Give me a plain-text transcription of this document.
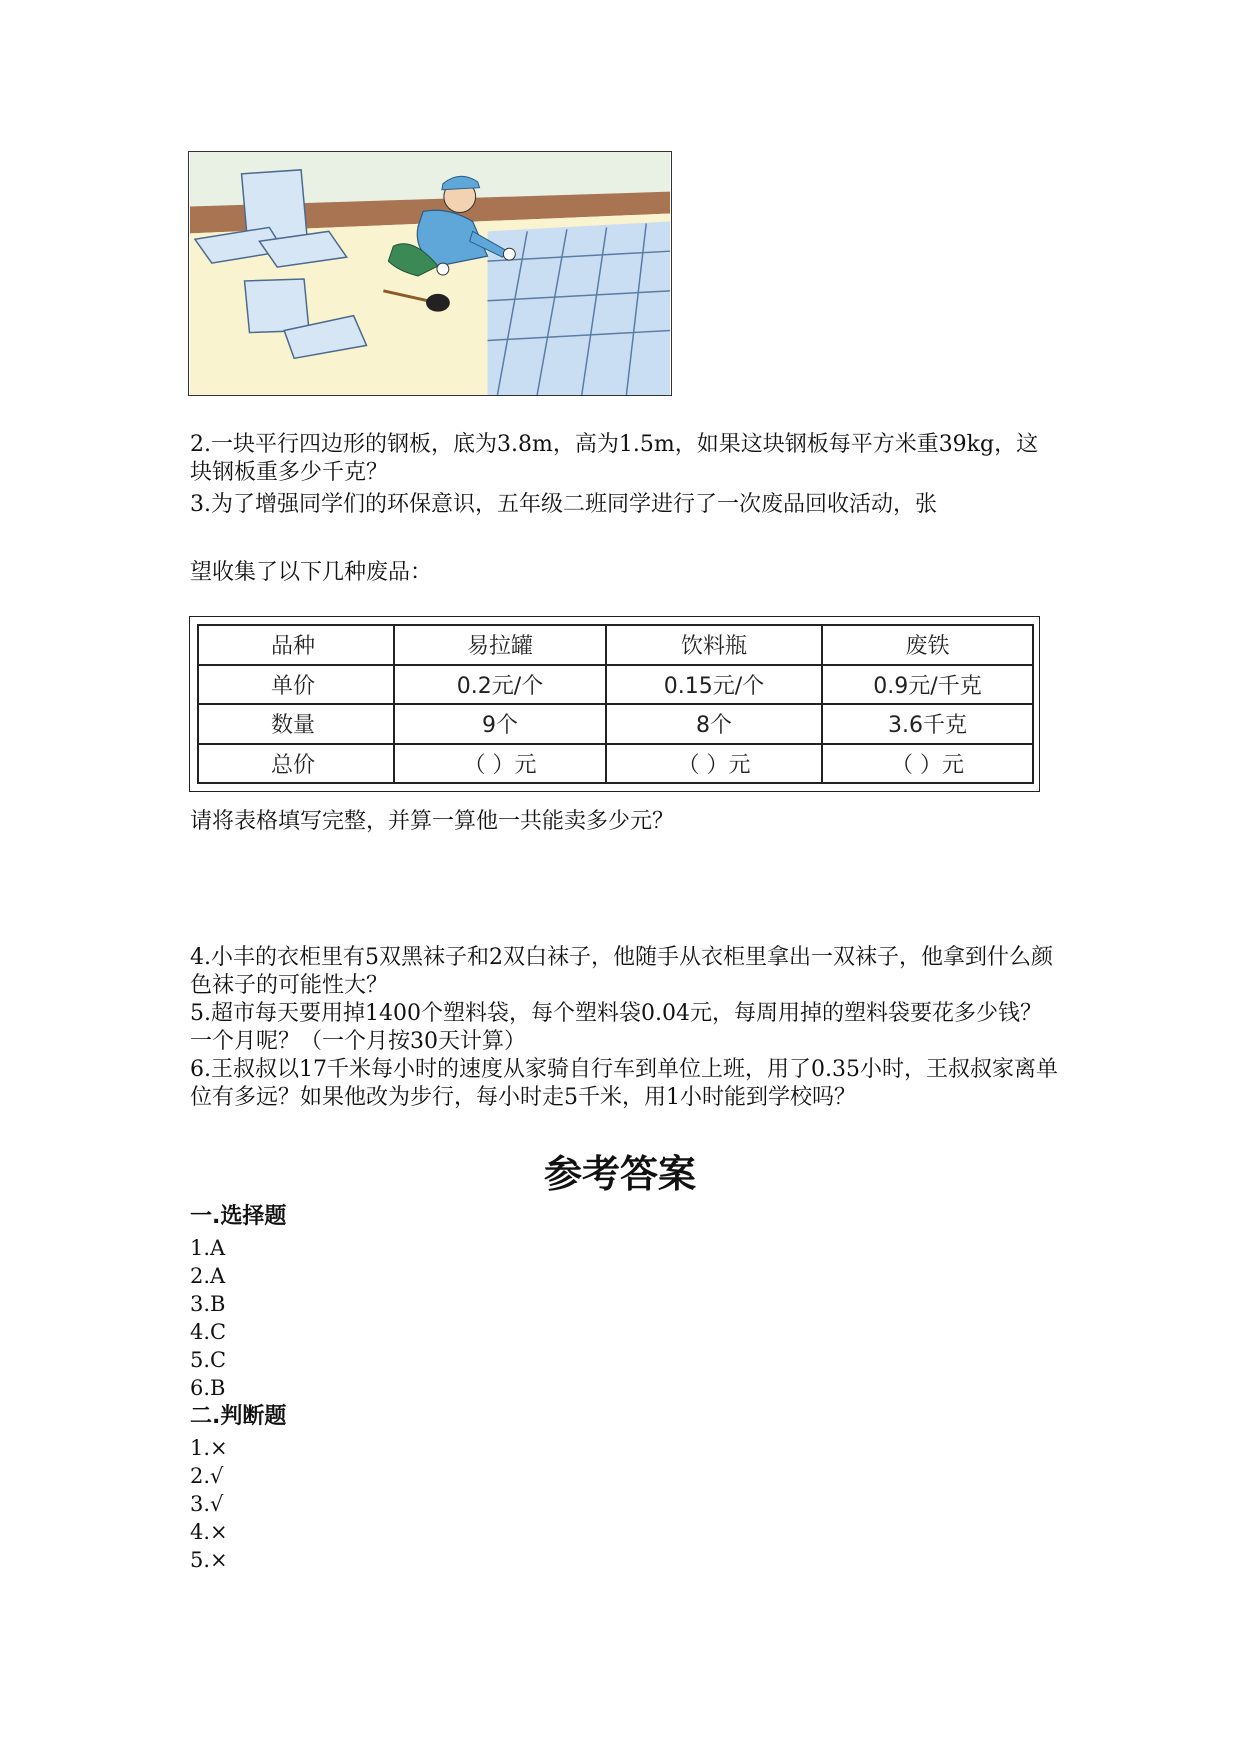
2.一块平行四边形的钢板，底为3.8m，高为1.5m，如果这块钢板每平方米重39kg，这块钢板重多少千克？

3.为了增强同学们的环保意识，五年级二班同学进行了一次废品回收活动，张

望收集了以下几种废品：

品种	易拉罐	饮料瓶	废铁
单价	0.2元/个	0.15元/个	0.9元/千克
数量	9个	8个	3.6千克
总价	（ ）元	（ ）元	（ ）元

请将表格填写完整，并算一算他一共能卖多少元？

4.小丰的衣柜里有5双黑袜子和2双白袜子，他随手从衣柜里拿出一双袜子，他拿到什么颜色袜子的可能性大？

5.超市每天要用掉1400个塑料袋，每个塑料袋0.04元，每周用掉的塑料袋要花多少钱？一个月呢？（一个月按30天计算）

6.王叔叔以17千米每小时的速度从家骑自行车到单位上班，用了0.35小时，王叔叔家离单位有多远？如果他改为步行，每小时走5千米，用1小时能到学校吗？

参考答案

一.选择题

1.A

2.A

3.B

4.C

5.C

6.B

二.判断题

1.×

2.√

3.√

4.×

5.×
